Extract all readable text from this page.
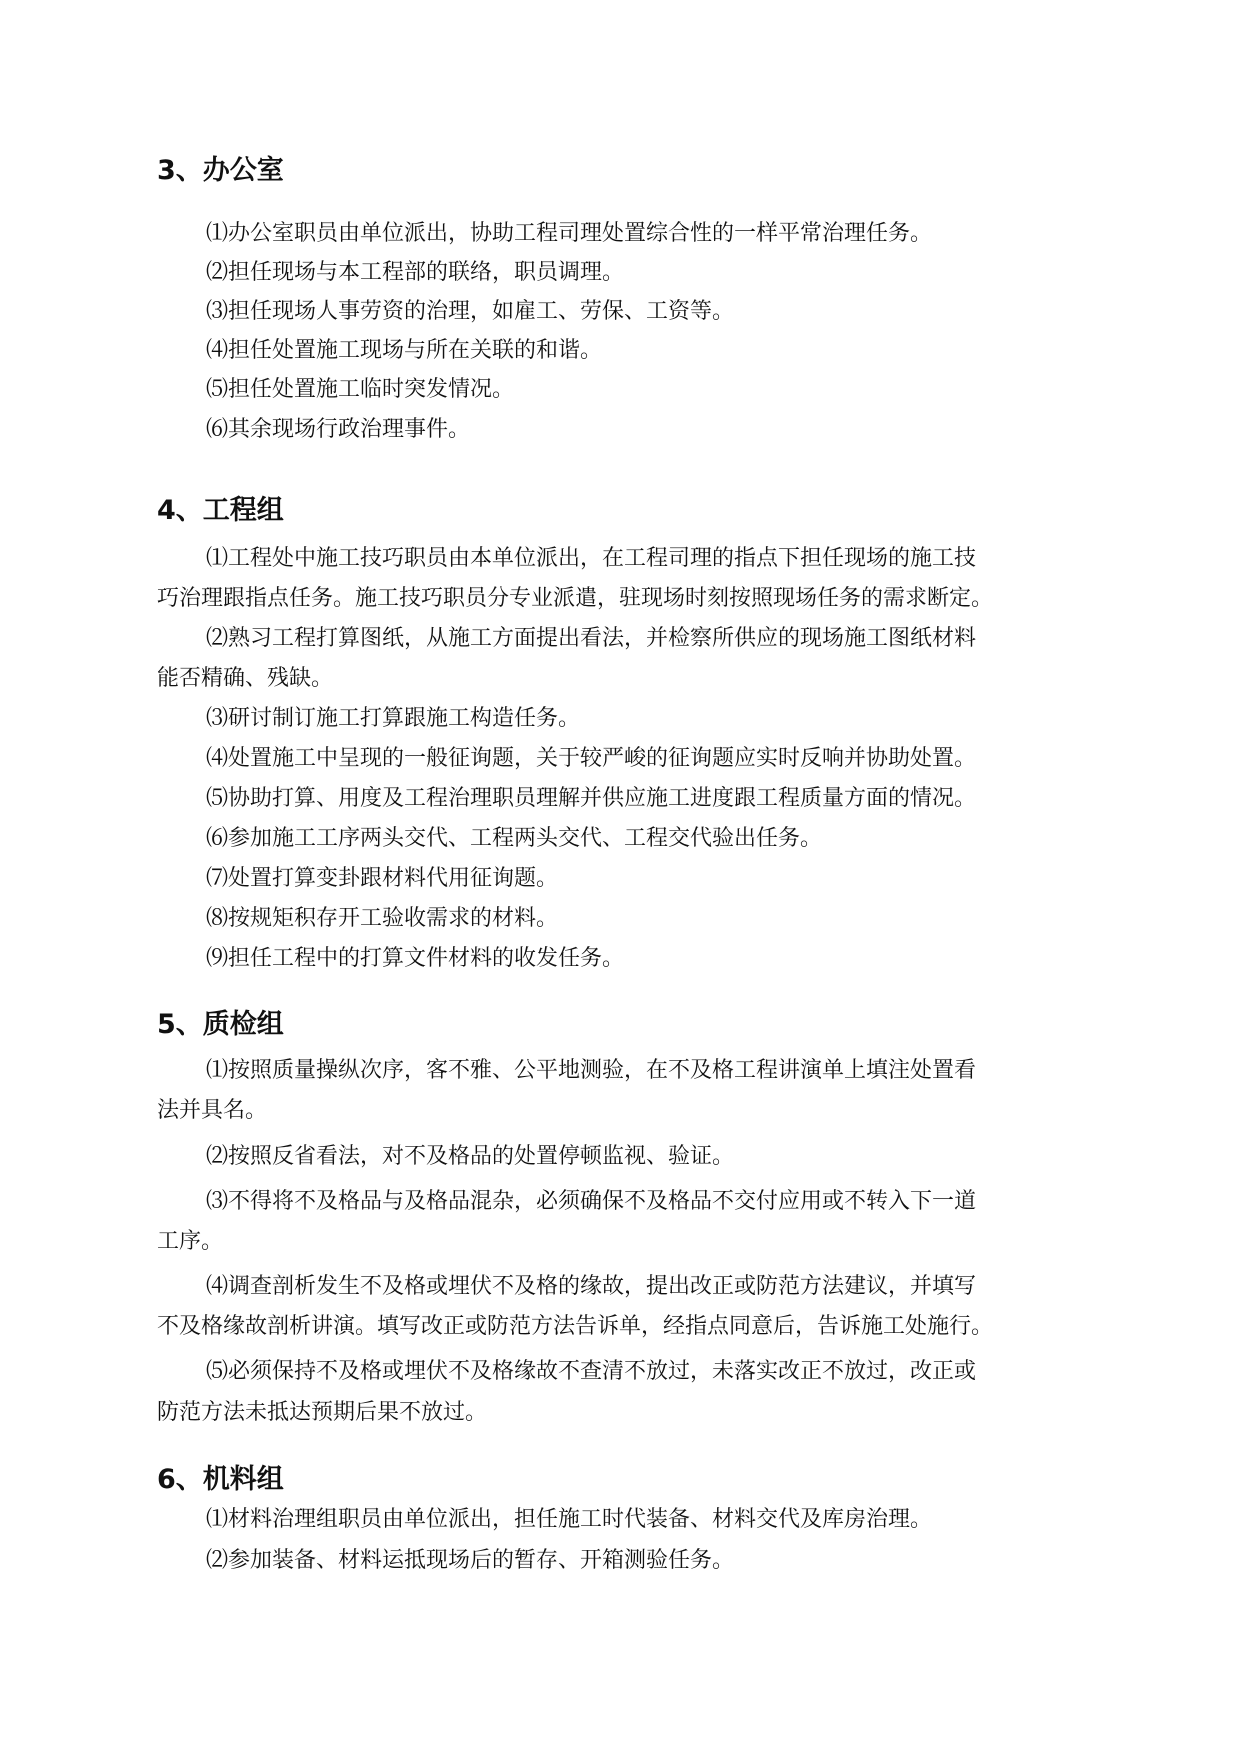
3、办公室
⑴办公室职员由单位派出，协助工程司理处置综合性的一样平常治理任务。
⑵担任现场与本工程部的联络，职员调理。
⑶担任现场人事劳资的治理，如雇工、劳保、工资等。
⑷担任处置施工现场与所在关联的和谐。
⑸担任处置施工临时突发情况。
⑹其余现场行政治理事件。
4、工程组
⑴工程处中施工技巧职员由本单位派出，在工程司理的指点下担任现场的施工技
巧治理跟指点任务。施工技巧职员分专业派遣，驻现场时刻按照现场任务的需求断定。
⑵熟习工程打算图纸，从施工方面提出看法，并检察所供应的现场施工图纸材料
能否精确、残缺。
⑶研讨制订施工打算跟施工构造任务。
⑷处置施工中呈现的一般征询题，关于较严峻的征询题应实时反响并协助处置。
⑸协助打算、用度及工程治理职员理解并供应施工进度跟工程质量方面的情况。
⑹参加施工工序两头交代、工程两头交代、工程交代验出任务。
⑺处置打算变卦跟材料代用征询题。
⑻按规矩积存开工验收需求的材料。
⑼担任工程中的打算文件材料的收发任务。
5、质检组
⑴按照质量操纵次序，客不雅、公平地测验，在不及格工程讲演单上填注处置看
法并具名。
⑵按照反省看法，对不及格品的处置停顿监视、验证。
⑶不得将不及格品与及格品混杂，必须确保不及格品不交付应用或不转入下一道
工序。
⑷调查剖析发生不及格或埋伏不及格的缘故，提出改正或防范方法建议，并填写
不及格缘故剖析讲演。填写改正或防范方法告诉单，经指点同意后，告诉施工处施行。
⑸必须保持不及格或埋伏不及格缘故不查清不放过，未落实改正不放过，改正或
防范方法未抵达预期后果不放过。
6、机料组
⑴材料治理组职员由单位派出，担任施工时代装备、材料交代及库房治理。
⑵参加装备、材料运抵现场后的暂存、开箱测验任务。
